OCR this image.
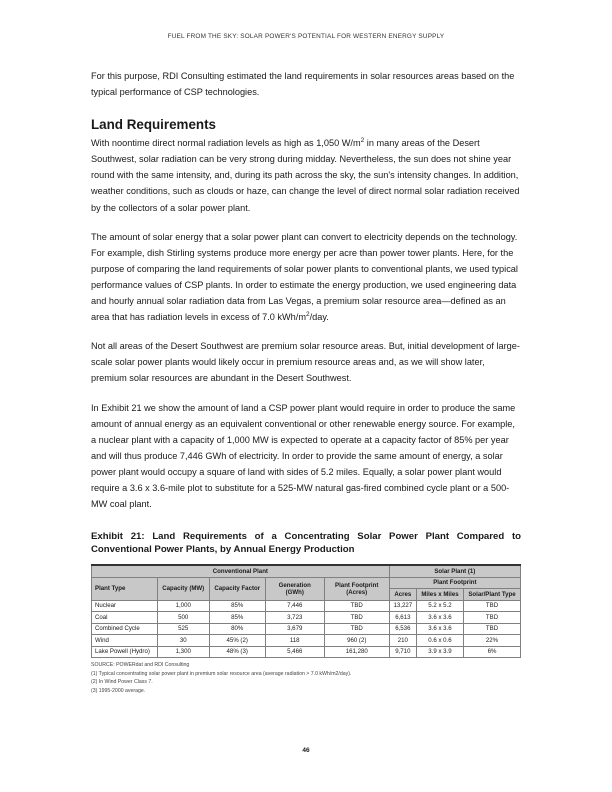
FUEL FROM THE SKY: SOLAR POWER'S POTENTIAL FOR WESTERN ENERGY SUPPLY

For this purpose, RDI Consulting estimated the land requirements in solar resources areas based on the typical performance of CSP technologies.

Land Requirements

With noontime direct normal radiation levels as high as 1,050 $W/m^2$ in many areas of the Desert Southwest, solar radiation can be very strong during midday. Nevertheless, the sun does not shine year round with the same intensity, and, during its path across the sky, the sun's intensity changes. In addition, weather conditions, such as clouds or haze, can change the level of direct normal solar radiation received by the collectors of a solar power plant.

The amount of solar energy that a solar power plant can convert to electricity depends on the technology. For example, dish Stirling systems produce more energy per acre than power tower plants. Here, for the purpose of comparing the land requirements of solar power plants to conventional plants, we used typical performance values of CSP plants. In order to estimate the energy production, we used engineering data and hourly annual solar radiation data from Las Vegas, a premium solar resource area—defined as an area that has radiation levels in excess of 7.0 kWh/$m^2$/day.

Not all areas of the Desert Southwest are premium solar resource areas. But, initial development of large-scale solar power plants would likely occur in premium resource areas and, as we will show later, premium solar resources are abundant in the Desert Southwest.

In Exhibit 21 we show the amount of land a CSP power plant would require in order to produce the same amount of annual energy as an equivalent conventional or other renewable energy source. For example, a nuclear plant with a capacity of 1,000 MW is expected to operate at a capacity factor of 85% per year and will thus produce 7,446 GWh of electricity. In order to provide the same amount of energy, a solar power plant would occupy a square of land with sides of 5.2 miles. Equally, a solar power plant would require a 3.6 x 3.6-mile plot to substitute for a 525-MW natural gas-fired combined cycle plant or a 500-MW coal plant.

Exhibit 21: Land Requirements of a Concentrating Solar Power Plant Compared to Conventional Power Plants, by Annual Energy Production
Conventional Plant					Solar Plant (1)		
Plant Type	Capacity (MW)	Capacity Factor	Generation (GWh)	Plant Footprint (Acres)	Plant Footprint		
					Acres	Miles x Miles	Solar/Plant Type
Nuclear	1,000	85%	7,446	TBD	13,227	5.2 x 5.2	TBD
Coal	500	85%	3,723	TBD	6,613	3.6 x 3.6	TBD
Combined Cycle	525	80%	3,679	TBD	6,536	3.6 x 3.6	TBD
Wind	30	45% (2)	118	960 (2)	210	0.6 x 0.6	22%
Lake Powell (Hydro)	1,300	48% (3)	5,466	161,280	9,710	3.9 x 3.9	6%
SOURCE: POWERdat and RDI Consulting
(1) Typical concentrating solar power plant in premium solar resource area (average radiation > 7.0 kWh/m2/day).
(2) In Wind Power Class 7.
(3) 1995-2000 average.
46
